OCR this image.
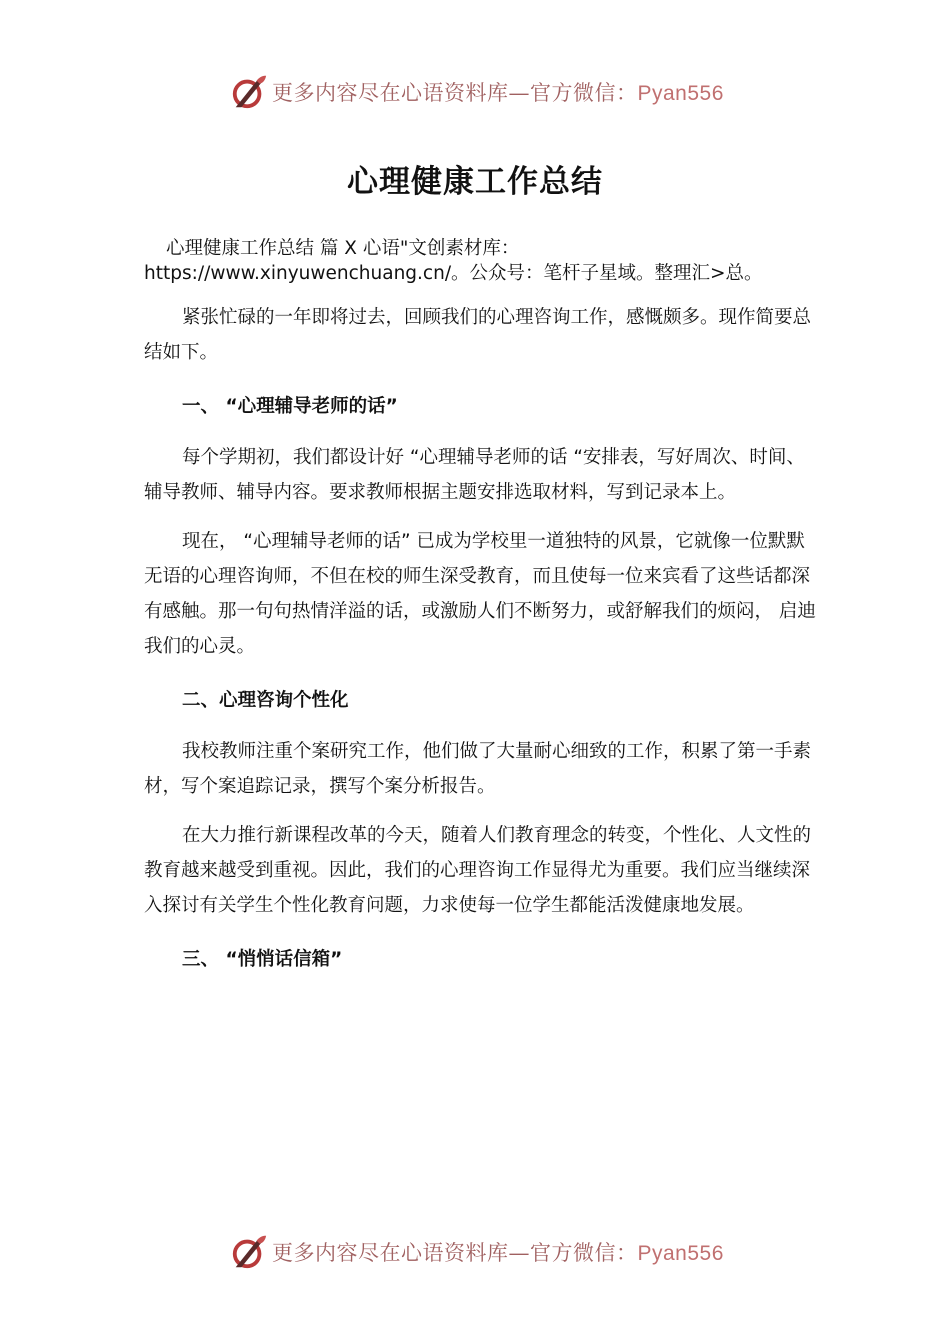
更多内容尽在心语资料库—官方微信：Pyan556
心理健康工作总结

心理健康工作总结 篇 X 心语"文创素材库：https://www.xinyuwenchuang.cn/。公众号：笔杆子星域。整理汇>总。

紧张忙碌的一年即将过去，回顾我们的心理咨询工作，感慨颇多。现作简要总结如下。

一、 “心理辅导老师的话”

每个学期初，我们都设计好 “心理辅导老师的话 “安排表，写好周次、时间、辅导教师、辅导内容。要求教师根据主题安排选取材料，写到记录本上。

现在， “心理辅导老师的话” 已成为学校里一道独特的风景，它就像一位默默无语的心理咨询师，不但在校的师生深受教育，而且使每一位来宾看了这些话都深有感触。那一句句热情洋溢的话，或激励人们不断努力，或舒解我们的烦闷， 启迪我们的心灵。

二、心理咨询个性化

我校教师注重个案研究工作，他们做了大量耐心细致的工作，积累了第一手素材，写个案追踪记录，撰写个案分析报告。

在大力推行新课程改革的今天，随着人们教育理念的转变，个性化、人文性的教育越来越受到重视。因此，我们的心理咨询工作显得尤为重要。我们应当继续深入探讨有关学生个性化教育问题，力求使每一位学生都能活泼健康地发展。

三、 “悄悄话信箱”

更多内容尽在心语资料库—官方微信：Pyan556
